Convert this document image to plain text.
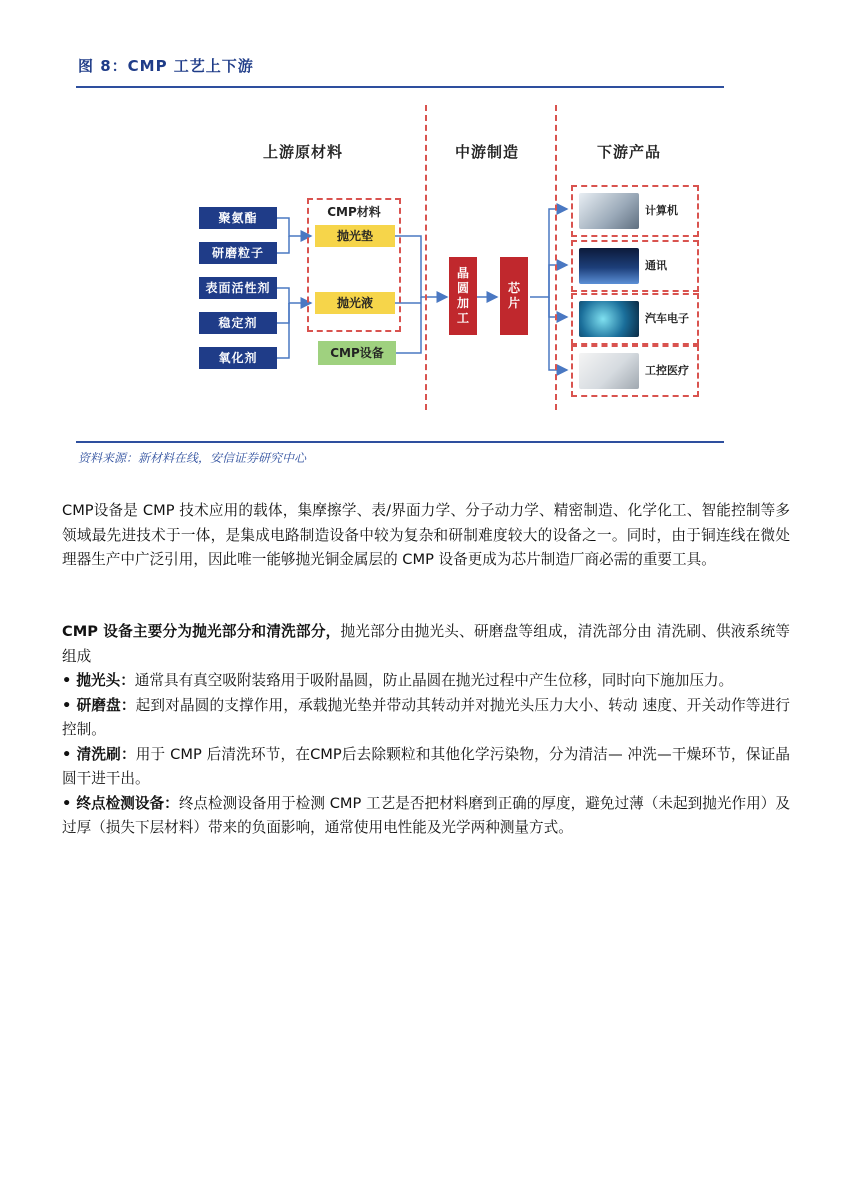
图 8：CMP 工艺上下游
上游原材料	中游制造	下游产品
聚氨酯
研磨粒子
表面活性剂
稳定剂
氧化剂
CMP材料
抛光垫
抛光液
CMP设备
晶
圆
加
工
芯
片
计算机
通讯
汽车电子
工控医疗
资料来源：新材料在线，安信证券研究中心
CMP设备是 CMP 技术应用的载体，集摩擦学、表/界面力学、分子动力学、精密制造、化学化工、智能控制等多领域最先进技术于一体，是集成电路制造设备中较为复杂和研制难度较大的设备之一。同时，由于铜连线在微处理器生产中广泛引用，因此唯一能够抛光铜金属层的 CMP 设备更成为芯片制造厂商必需的重要工具。

CMP 设备主要分为抛光部分和清洗部分，抛光部分由抛光头、研磨盘等组成，清洗部分由 清洗刷、供液系统等组成

• 抛光头：通常具有真空吸附装臵用于吸附晶圆，防止晶圆在抛光过程中产生位移，同时向下施加压力。

• 研磨盘：起到对晶圆的支撑作用，承载抛光垫并带动其转动并对抛光头压力大小、转动 速度、开关动作等进行控制。

• 清洗刷：用于 CMP 后清洗环节，在CMP后去除颗粒和其他化学污染物，分为清洁— 冲洗—干燥环节，保证晶圆干进干出。

• 终点检测设备：终点检测设备用于检测 CMP 工艺是否把材料磨到正确的厚度，避免过薄（未起到抛光作用）及过厚（损失下层材料）带来的负面影响，通常使用电性能及光学两种测量方式。
